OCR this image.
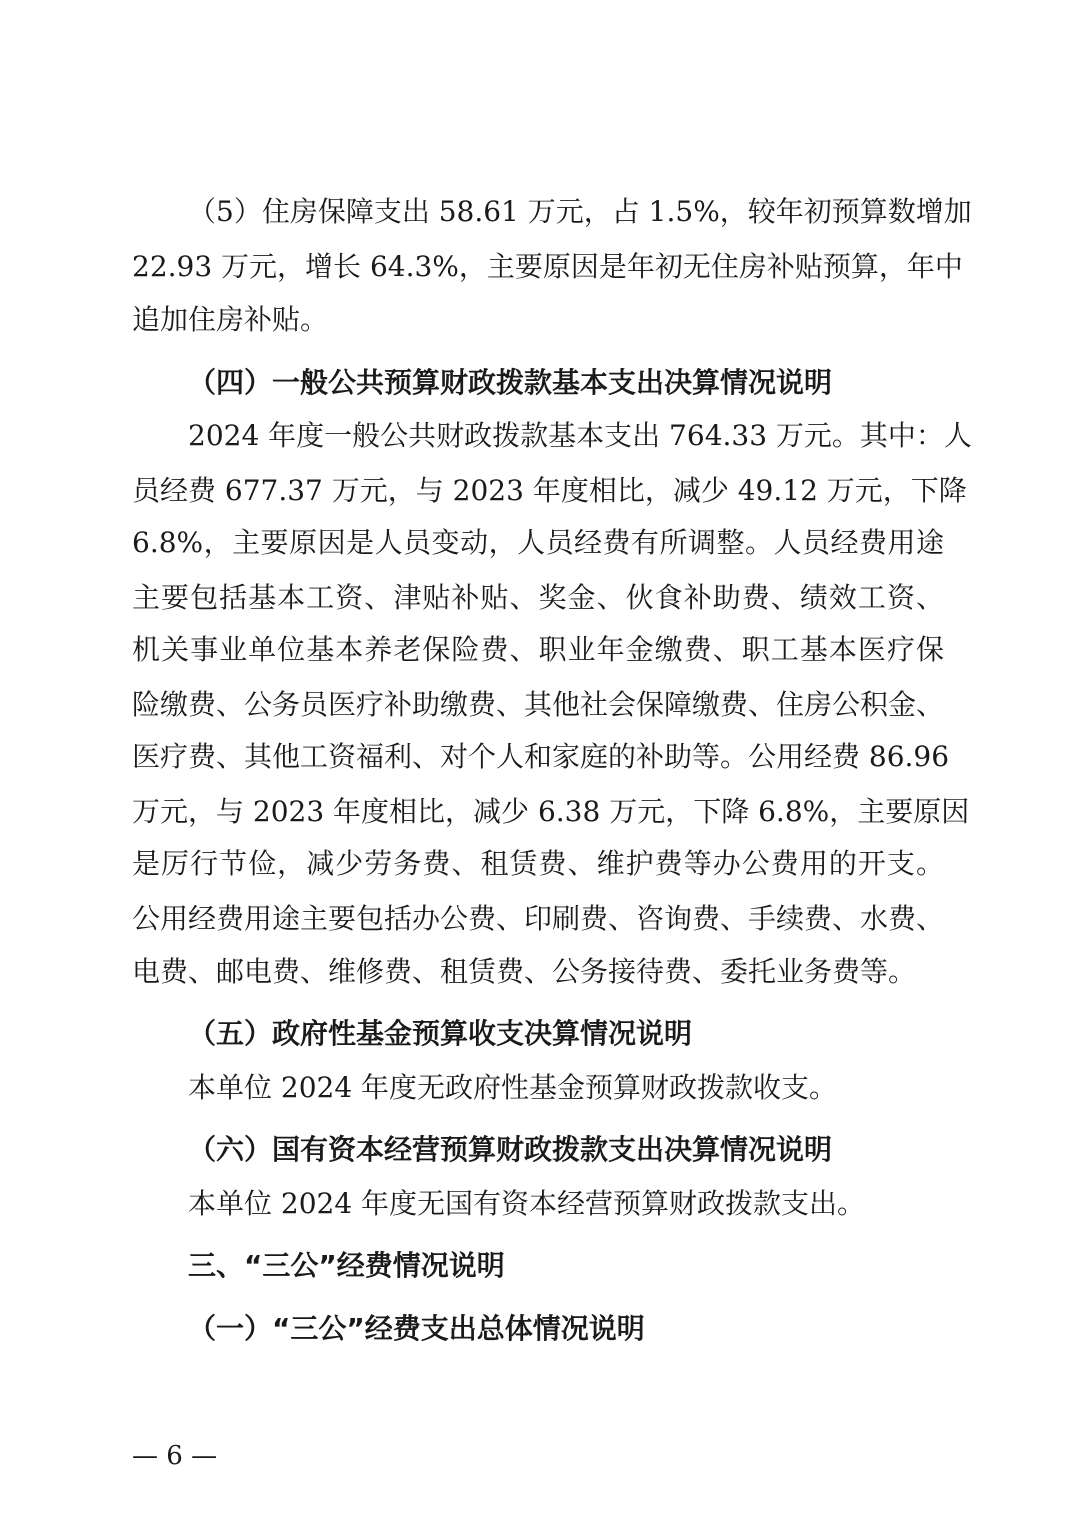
（5）住房保障支出 58.61 万元，占 1.5%，较年初预算数增加
22.93 万元，增长 64.3%，主要原因是年初无住房补贴预算，年中
追加住房补贴。
（四）一般公共预算财政拨款基本支出决算情况说明
2024 年度一般公共财政拨款基本支出 764.33 万元。其中：人
员经费 677.37 万元，与 2023 年度相比，减少 49.12 万元，下降
6.8%，主要原因是人员变动，人员经费有所调整。人员经费用途
主要包括基本工资、津贴补贴、奖金、伙食补助费、绩效工资、
机关事业单位基本养老保险费、职业年金缴费、职工基本医疗保
险缴费、公务员医疗补助缴费、其他社会保障缴费、住房公积金、
医疗费、其他工资福利、对个人和家庭的补助等。公用经费 86.96
万元，与 2023 年度相比，减少 6.38 万元，下降 6.8%，主要原因
是厉行节俭，减少劳务费、租赁费、维护费等办公费用的开支。
公用经费用途主要包括办公费、印刷费、咨询费、手续费、水费、
电费、邮电费、维修费、租赁费、公务接待费、委托业务费等。
（五）政府性基金预算收支决算情况说明
本单位 2024 年度无政府性基金预算财政拨款收支。
（六）国有资本经营预算财政拨款支出决算情况说明
本单位 2024 年度无国有资本经营预算财政拨款支出。
三、“三公”经费情况说明
（一）“三公”经费支出总体情况说明
— 6 —
